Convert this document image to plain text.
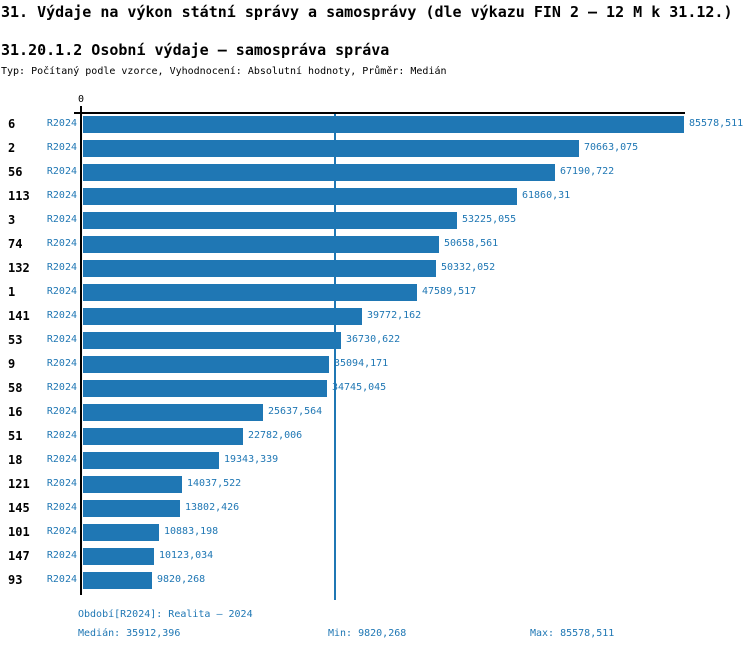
31. Výdaje na výkon státní správy a samosprávy (dle výkazu FIN 2 – 12 M k 31.12.)
31.20.1.2 Osobní výdaje – samospráva správa
Typ: Počítaný podle vzorce, Vyhodnocení: Absolutní hodnoty, Průměr: Medián
0
6	R2024	85578,511
2	R2024	70663,075
56	R2024	67190,722
113	R2024	61860,31
3	R2024	53225,055
74	R2024	50658,561
132	R2024	50332,052
1	R2024	47589,517
141	R2024	39772,162
53	R2024	36730,622
9	R2024	35094,171
58	R2024	34745,045
16	R2024	25637,564
51	R2024	22782,006
18	R2024	19343,339
121	R2024	14037,522
145	R2024	13802,426
101	R2024	10883,198
147	R2024	10123,034
93	R2024	9820,268
Období[R2024]: Realita – 2024
Medián: 35912,396	Min: 9820,268	Max: 85578,511
